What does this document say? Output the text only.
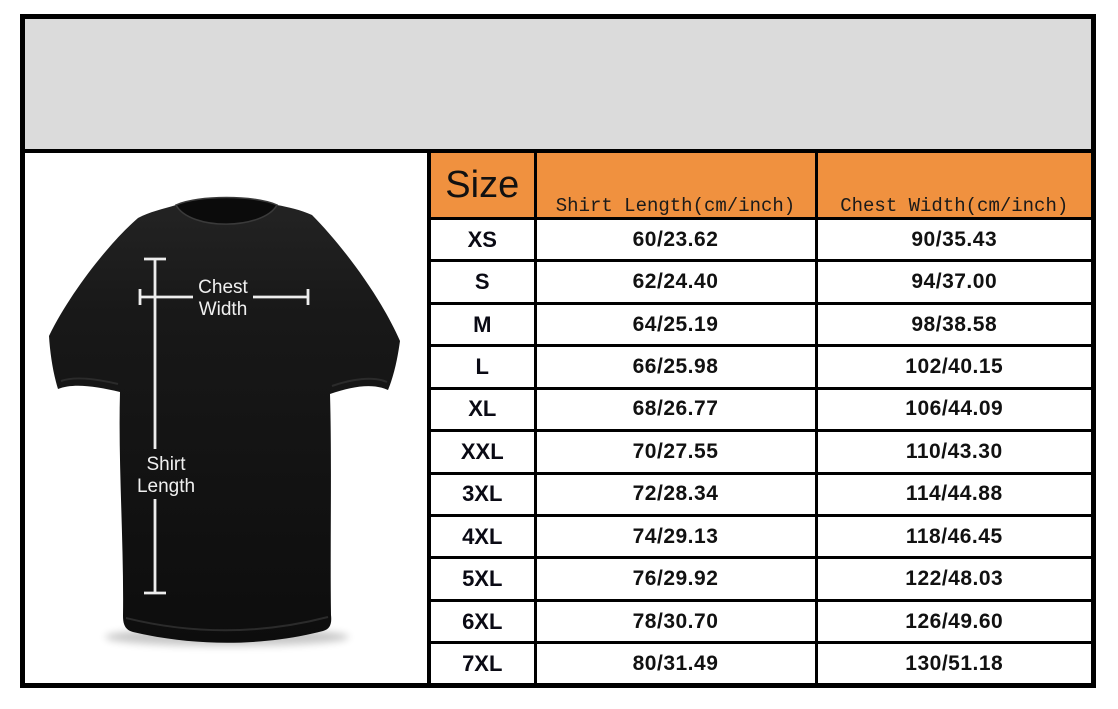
Chest
Width
Shirt
Length
Size	Shirt Length(cm/inch)	Chest Width(cm/inch)
XS	60/23.62	90/35.43
S	62/24.40	94/37.00
M	64/25.19	98/38.58
L	66/25.98	102/40.15
XL	68/26.77	106/44.09
XXL	70/27.55	110/43.30
3XL	72/28.34	114/44.88
4XL	74/29.13	118/46.45
5XL	76/29.92	122/48.03
6XL	78/30.70	126/49.60
7XL	80/31.49	130/51.18
